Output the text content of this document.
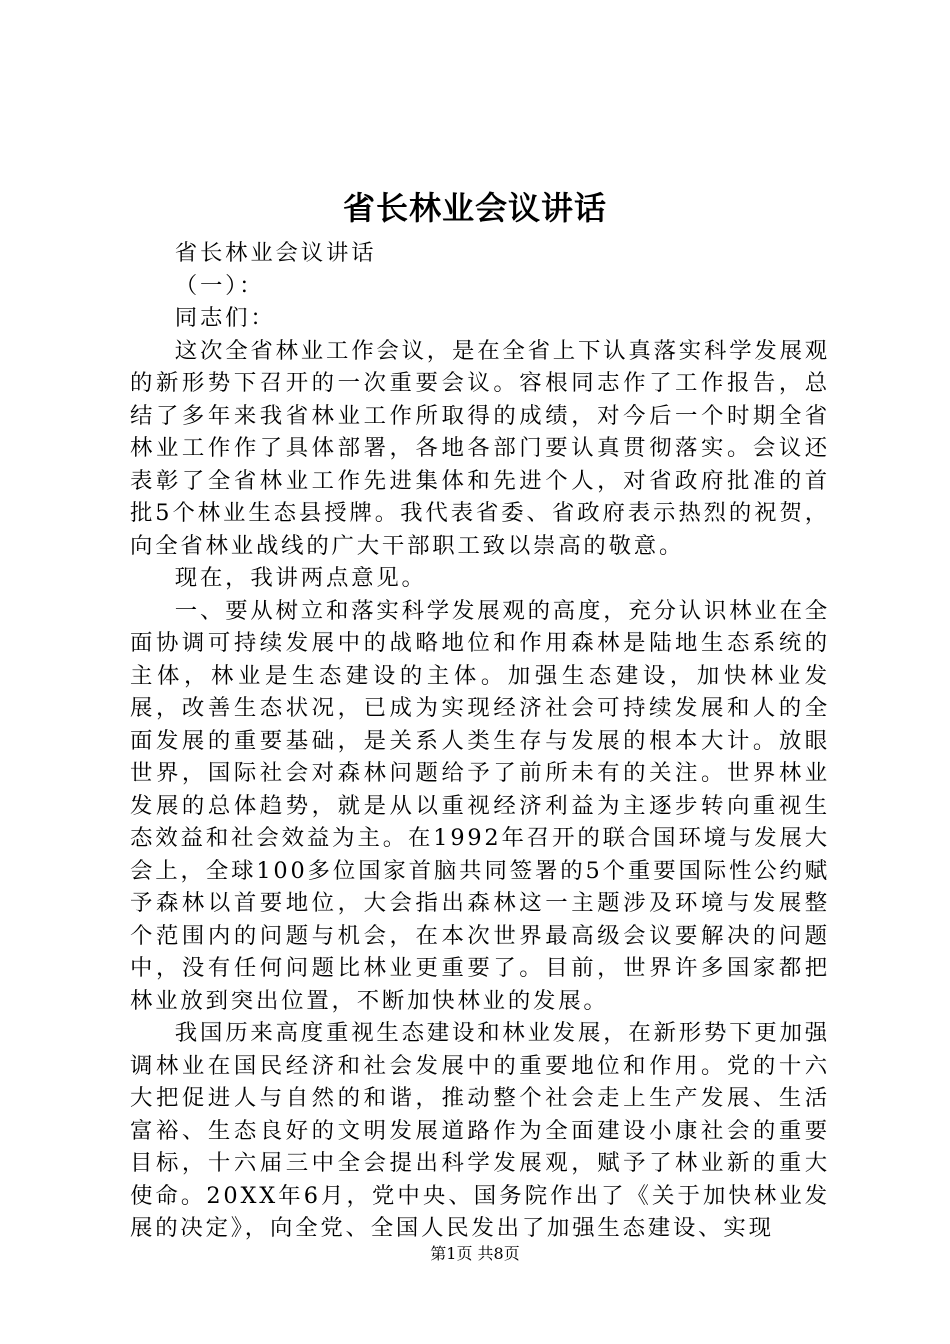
省长林业会议讲话

省长林业会议讲话

（一）：

同志们：

这次全省林业工作会议，是在全省上下认真落实科学发展观的新形势下召开的一次重要会议。容根同志作了工作报告，总结了多年来我省林业工作所取得的成绩，对今后一个时期全省林业工作作了具体部署，各地各部门要认真贯彻落实。会议还表彰了全省林业工作先进集体和先进个人，对省政府批准的首批5个林业生态县授牌。我代表省委、省政府表示热烈的祝贺，向全省林业战线的广大干部职工致以崇高的敬意。

现在，我讲两点意见。

一、要从树立和落实科学发展观的高度，充分认识林业在全面协调可持续发展中的战略地位和作用森林是陆地生态系统的主体，林业是生态建设的主体。加强生态建设，加快林业发展，改善生态状况，已成为实现经济社会可持续发展和人的全面发展的重要基础，是关系人类生存与发展的根本大计。放眼世界，国际社会对森林问题给予了前所未有的关注。世界林业发展的总体趋势，就是从以重视经济利益为主逐步转向重视生态效益和社会效益为主。在1992年召开的联合国环境与发展大会上，全球100多位国家首脑共同签署的5个重要国际性公约赋予森林以首要地位，大会指出森林这一主题涉及环境与发展整个范围内的问题与机会，在本次世界最高级会议要解决的问题中，没有任何问题比林业更重要了。目前，世界许多国家都把林业放到突出位置，不断加快林业的发展。

我国历来高度重视生态建设和林业发展，在新形势下更加强调林业在国民经济和社会发展中的重要地位和作用。党的十六大把促进人与自然的和谐，推动整个社会走上生产发展、生活富裕、生态良好的文明发展道路作为全面建设小康社会的重要目标，十六届三中全会提出科学发展观，赋予了林业新的重大使命。20XX年6月，党中央、国务院作出了《关于加快林业发展的决定》，向全党、全国人民发出了加强生态建设、实现

第1页 共8页
